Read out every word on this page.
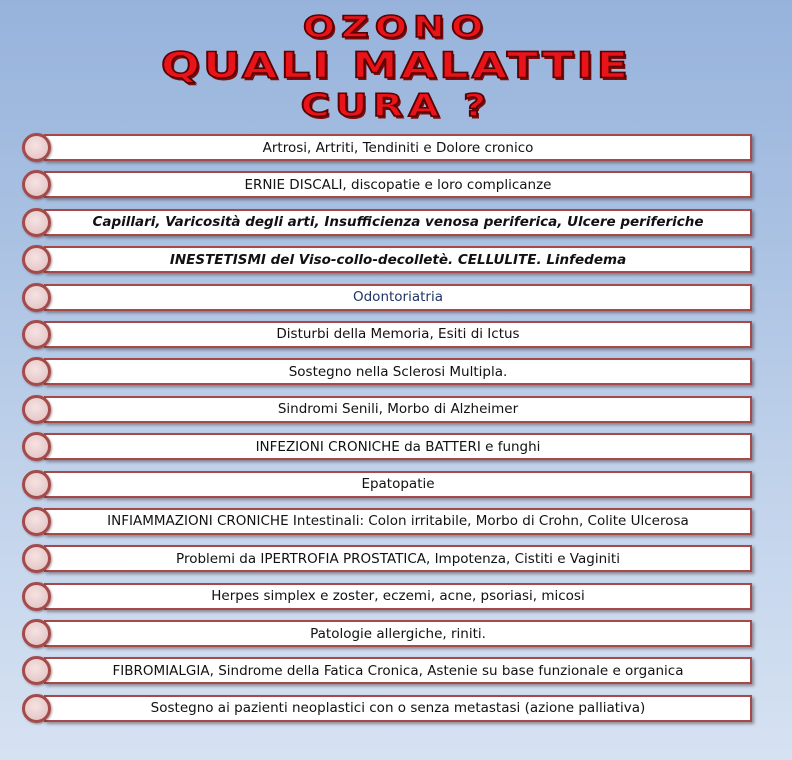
OZONO
QUALI MALATTIE
CURA ?
Artrosi, Artriti, Tendiniti e Dolore cronico
ERNIE DISCALI, discopatie e loro complicanze
Capillari, Varicosità degli arti, Insufficienza venosa periferica, Ulcere periferiche
INESTETISMI del Viso-collo-decolletè. CELLULITE. Linfedema
Odontoriatria
Disturbi della Memoria, Esiti di Ictus
Sostegno nella Sclerosi Multipla.
Sindromi Senili, Morbo di Alzheimer
INFEZIONI CRONICHE da BATTERI e funghi
Epatopatie
INFIAMMAZIONI CRONICHE Intestinali: Colon irritabile, Morbo di Crohn, Colite Ulcerosa
Problemi da IPERTROFIA PROSTATICA, Impotenza, Cistiti e Vaginiti
Herpes simplex e zoster, eczemi, acne, psoriasi, micosi
Patologie allergiche, riniti.
FIBROMIALGIA, Sindrome della Fatica Cronica, Astenie su base funzionale e organica
Sostegno ai pazienti neoplastici con o senza metastasi (azione palliativa)
